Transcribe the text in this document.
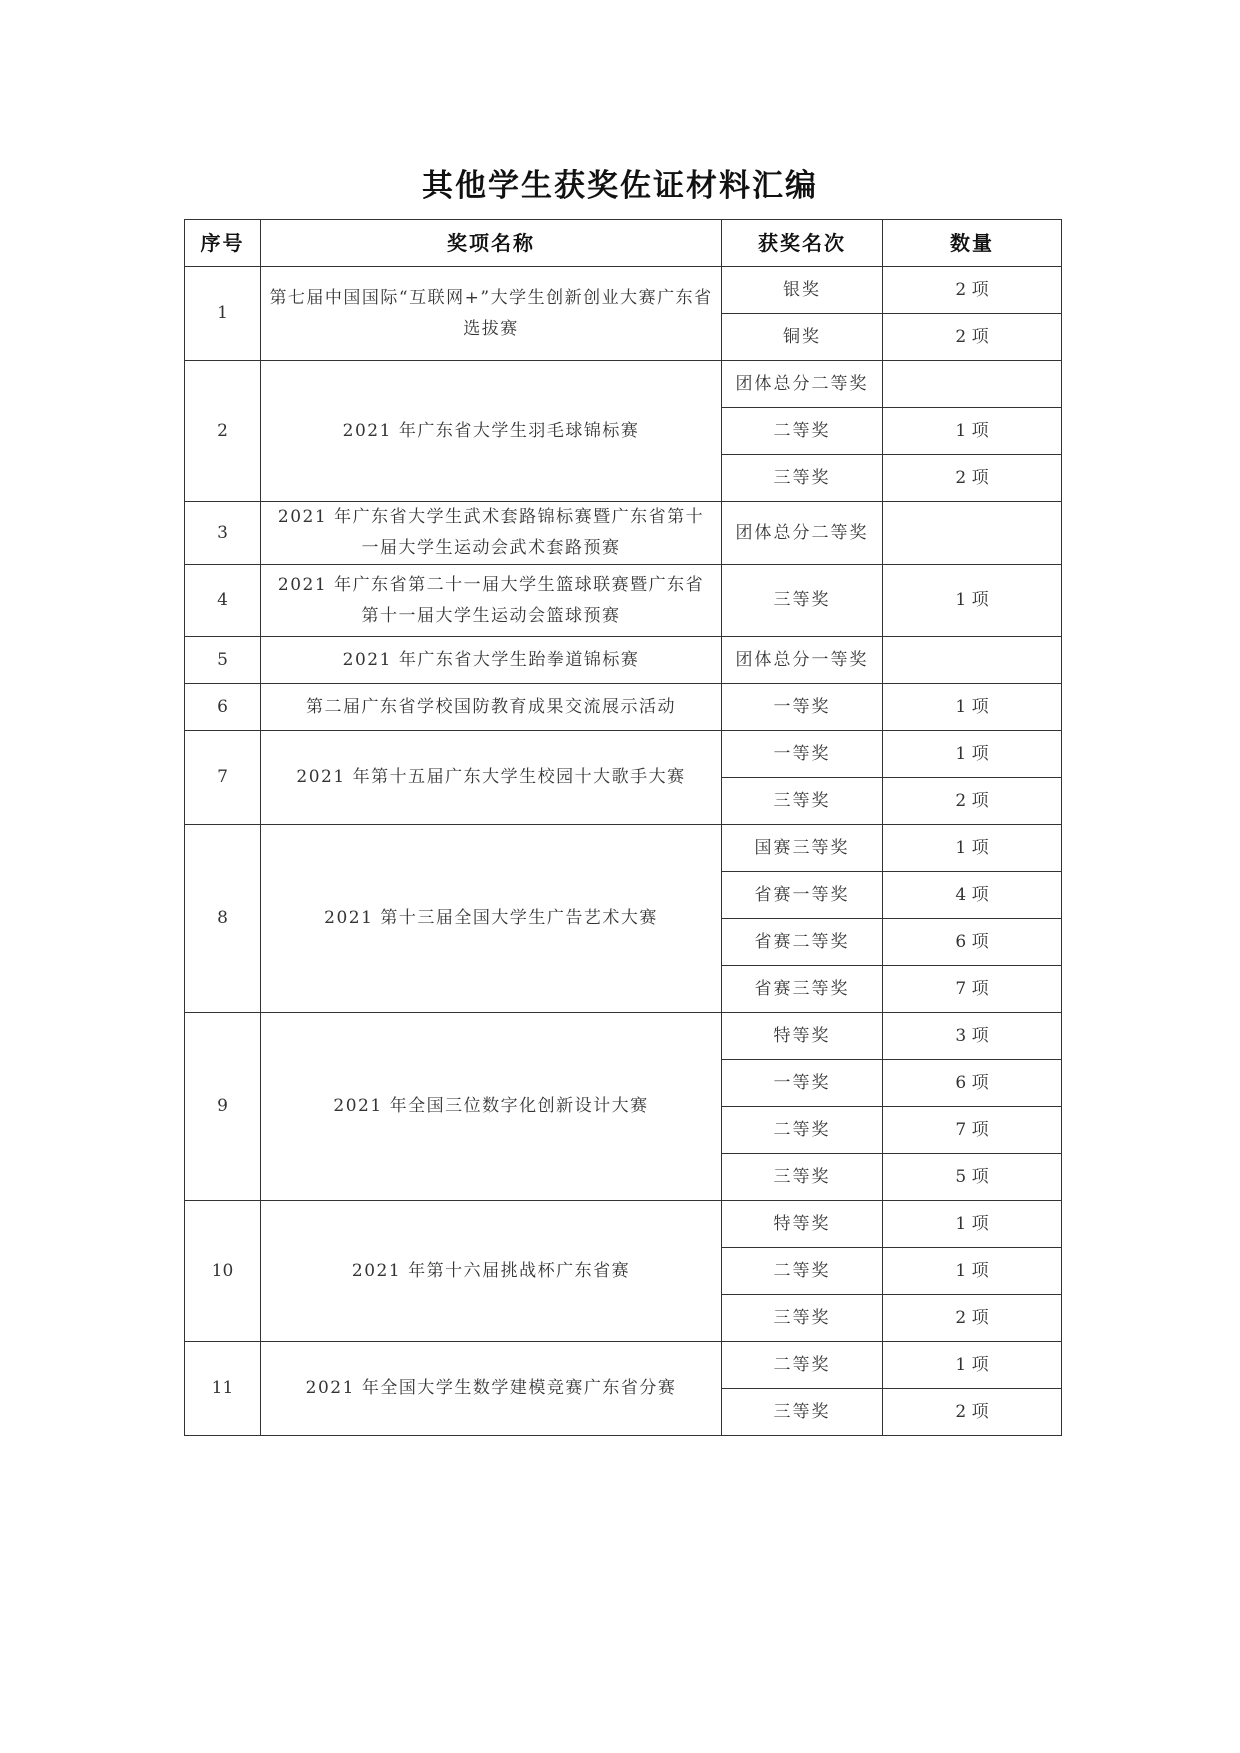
其他学生获奖佐证材料汇编
序号	奖项名称	获奖名次	数量
1	第七届中国国际“互联网+”大学生创新创业大赛广东省选拔赛	银奖	2 项
		铜奖	2 项
2	2021 年广东省大学生羽毛球锦标赛	团体总分二等奖	
		二等奖	1 项
		三等奖	2 项
3	2021 年广东省大学生武术套路锦标赛暨广东省第十一届大学生运动会武术套路预赛	团体总分二等奖	
4	2021 年广东省第二十一届大学生篮球联赛暨广东省第十一届大学生运动会篮球预赛	三等奖	1 项
5	2021 年广东省大学生跆拳道锦标赛	团体总分一等奖	
6	第二届广东省学校国防教育成果交流展示活动	一等奖	1 项
7	2021 年第十五届广东大学生校园十大歌手大赛	一等奖	1 项
		三等奖	2 项
8	2021 第十三届全国大学生广告艺术大赛	国赛三等奖	1 项
		省赛一等奖	4 项
		省赛二等奖	6 项
		省赛三等奖	7 项
9	2021 年全国三位数字化创新设计大赛	特等奖	3 项
		一等奖	6 项
		二等奖	7 项
		三等奖	5 项
10	2021 年第十六届挑战杯广东省赛	特等奖	1 项
		二等奖	1 项
		三等奖	2 项
11	2021 年全国大学生数学建模竞赛广东省分赛	二等奖	1 项
		三等奖	2 项
